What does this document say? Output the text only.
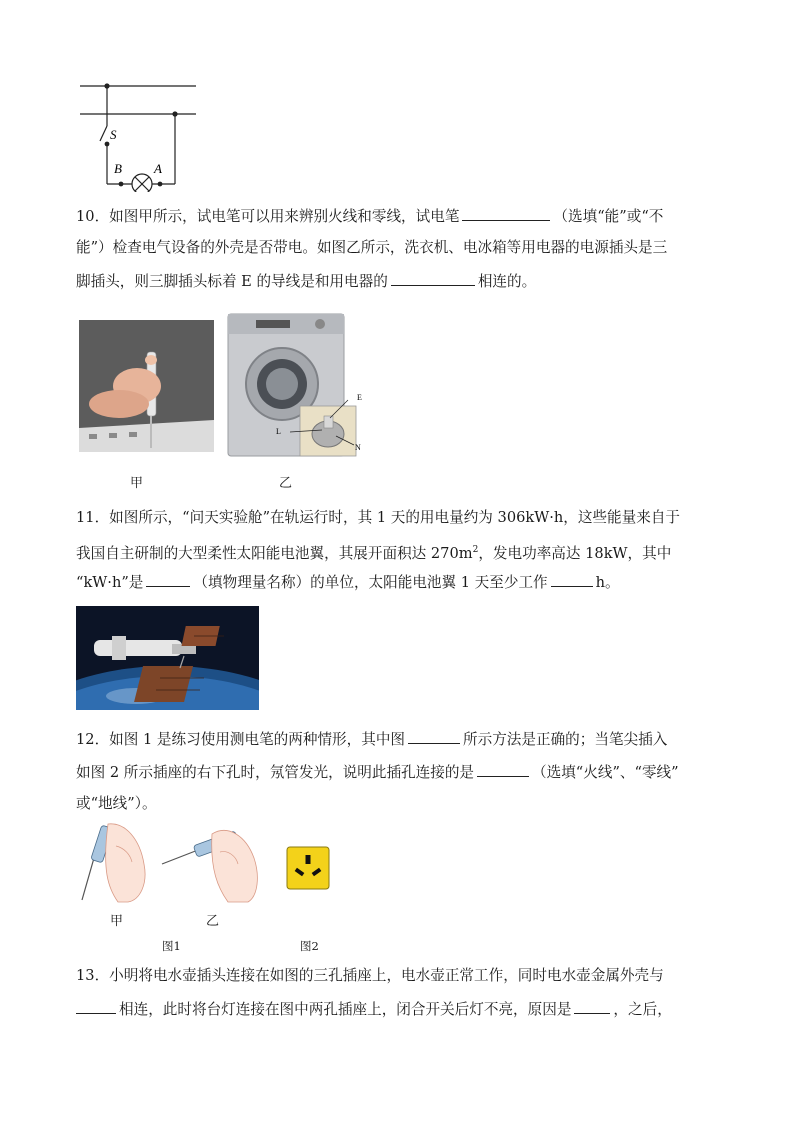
S
B A
10．如图甲所示，试电笔可以用来辨别火线和零线，试电笔	（选填“能”或“不
能”）检查电气设备的外壳是否带电。如图乙所示，洗衣机、电冰箱等用电器的电源插头是三
脚插头，则三脚插头标着 E 的导线是和用电器的	相连的。
E
L
N
甲	乙
11．如图所示，“问天实验舱”在轨运行时，其 1 天的用电量约为 306kW·h，这些能量来自于
我国自主研制的大型柔性太阳能电池翼，其展开面积达 $270m^2$，发电功率高达 18kW，其中
“kW·h”是	（填物理量名称）的单位，太阳能电池翼 1 天至少工作	h。
12．如图 1 是练习使用测电笔的两种情形，其中图	所示方法是正确的；当笔尖插入
如图 2 所示插座的右下孔时，氖管发光，说明此插孔连接的是	（选填“火线”、“零线”
或“地线”）。
甲	乙
图1	图2
13．小明将电水壶插头连接在如图的三孔插座上，电水壶正常工作，同时电水壶金属外壳与
相连，此时将台灯连接在图中两孔插座上，闭合开关后灯不亮，原因是	，之后，
